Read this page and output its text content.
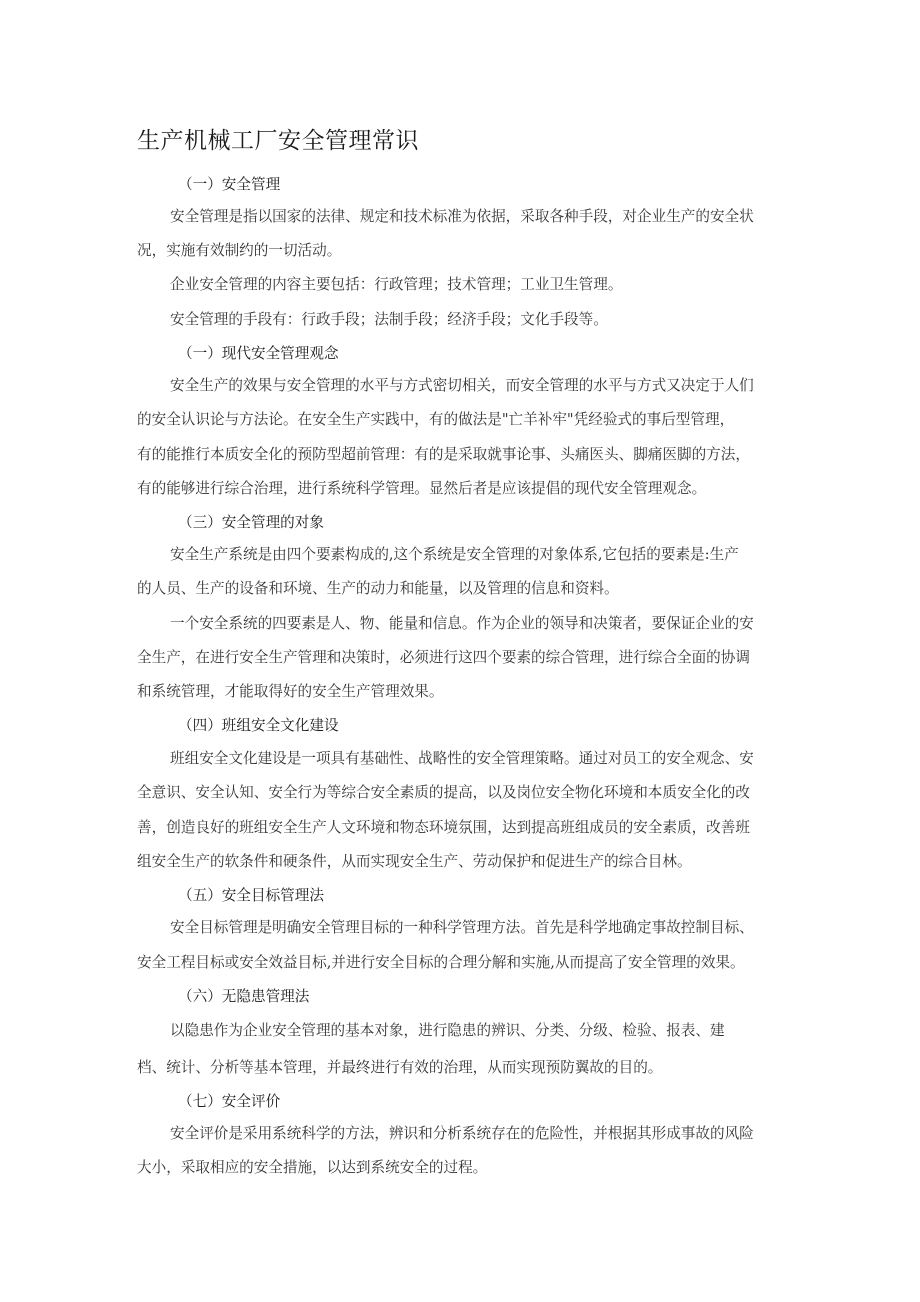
生产机械工厂安全管理常识
（一）安全管理

安全管理是指以国家的法律、规定和技术标准为依据，采取各种手段，对企业生产的安全状

况，实施有效制约的一切活动。

企业安全管理的内容主要包括：行政管理；技术管理；工业卫生管理。

安全管理的手段有：行政手段；法制手段；经济手段；文化手段等。

（一）现代安全管理观念

安全生产的效果与安全管理的水平与方式密切相关，而安全管理的水平与方式又决定于人们

的安全认识论与方法论。在安全生产实践中，有的做法是"亡羊补牢"凭经验式的事后型管理，

有的能推行本质安全化的预防型超前管理：有的是采取就事论事、头痛医头、脚痛医脚的方法，

有的能够进行综合治理，进行系统科学管理。显然后者是应该提倡的现代安全管理观念。

（三）安全管理的对象

安全生产系统是由四个要素构成的,这个系统是安全管理的对象体系,它包括的要素是:生产

的人员、生产的设备和环境、生产的动力和能量，以及管理的信息和资料。

一个安全系统的四要素是人、物、能量和信息。作为企业的领导和决策者，要保证企业的安

全生产，在进行安全生产管理和决策时，必须进行这四个要素的综合管理，进行综合全面的协调

和系统管理，才能取得好的安全生产管理效果。

（四）班组安全文化建设

班组安全文化建设是一项具有基础性、战略性的安全管理策略。通过对员工的安全观念、安

全意识、安全认知、安全行为等综合安全素质的提高，以及岗位安全物化环境和本质安全化的改

善，创造良好的班组安全生产人文环境和物态环境氛围，达到提高班组成员的安全素质，改善班

组安全生产的软条件和硬条件，从而实现安全生产、劳动保护和促进生产的综合目林。

（五）安全目标管理法

安全目标管理是明确安全管理目标的一种科学管理方法。首先是科学地确定事故控制目标、

安全工程目标或安全效益目标,并进行安全目标的合理分解和实施,从而提高了安全管理的效果。

（六）无隐患管理法

以隐患作为企业安全管理的基本对象，进行隐患的辨识、分类、分级、检验、报表、建

档、统计、分析等基本管理，并最终进行有效的治理，从而实现预防翼故的目的。

（七）安全评价

安全评价是采用系统科学的方法，辨识和分析系统存在的危险性，并根据其形成事故的风险

大小，采取相应的安全措施，以达到系统安全的过程。
